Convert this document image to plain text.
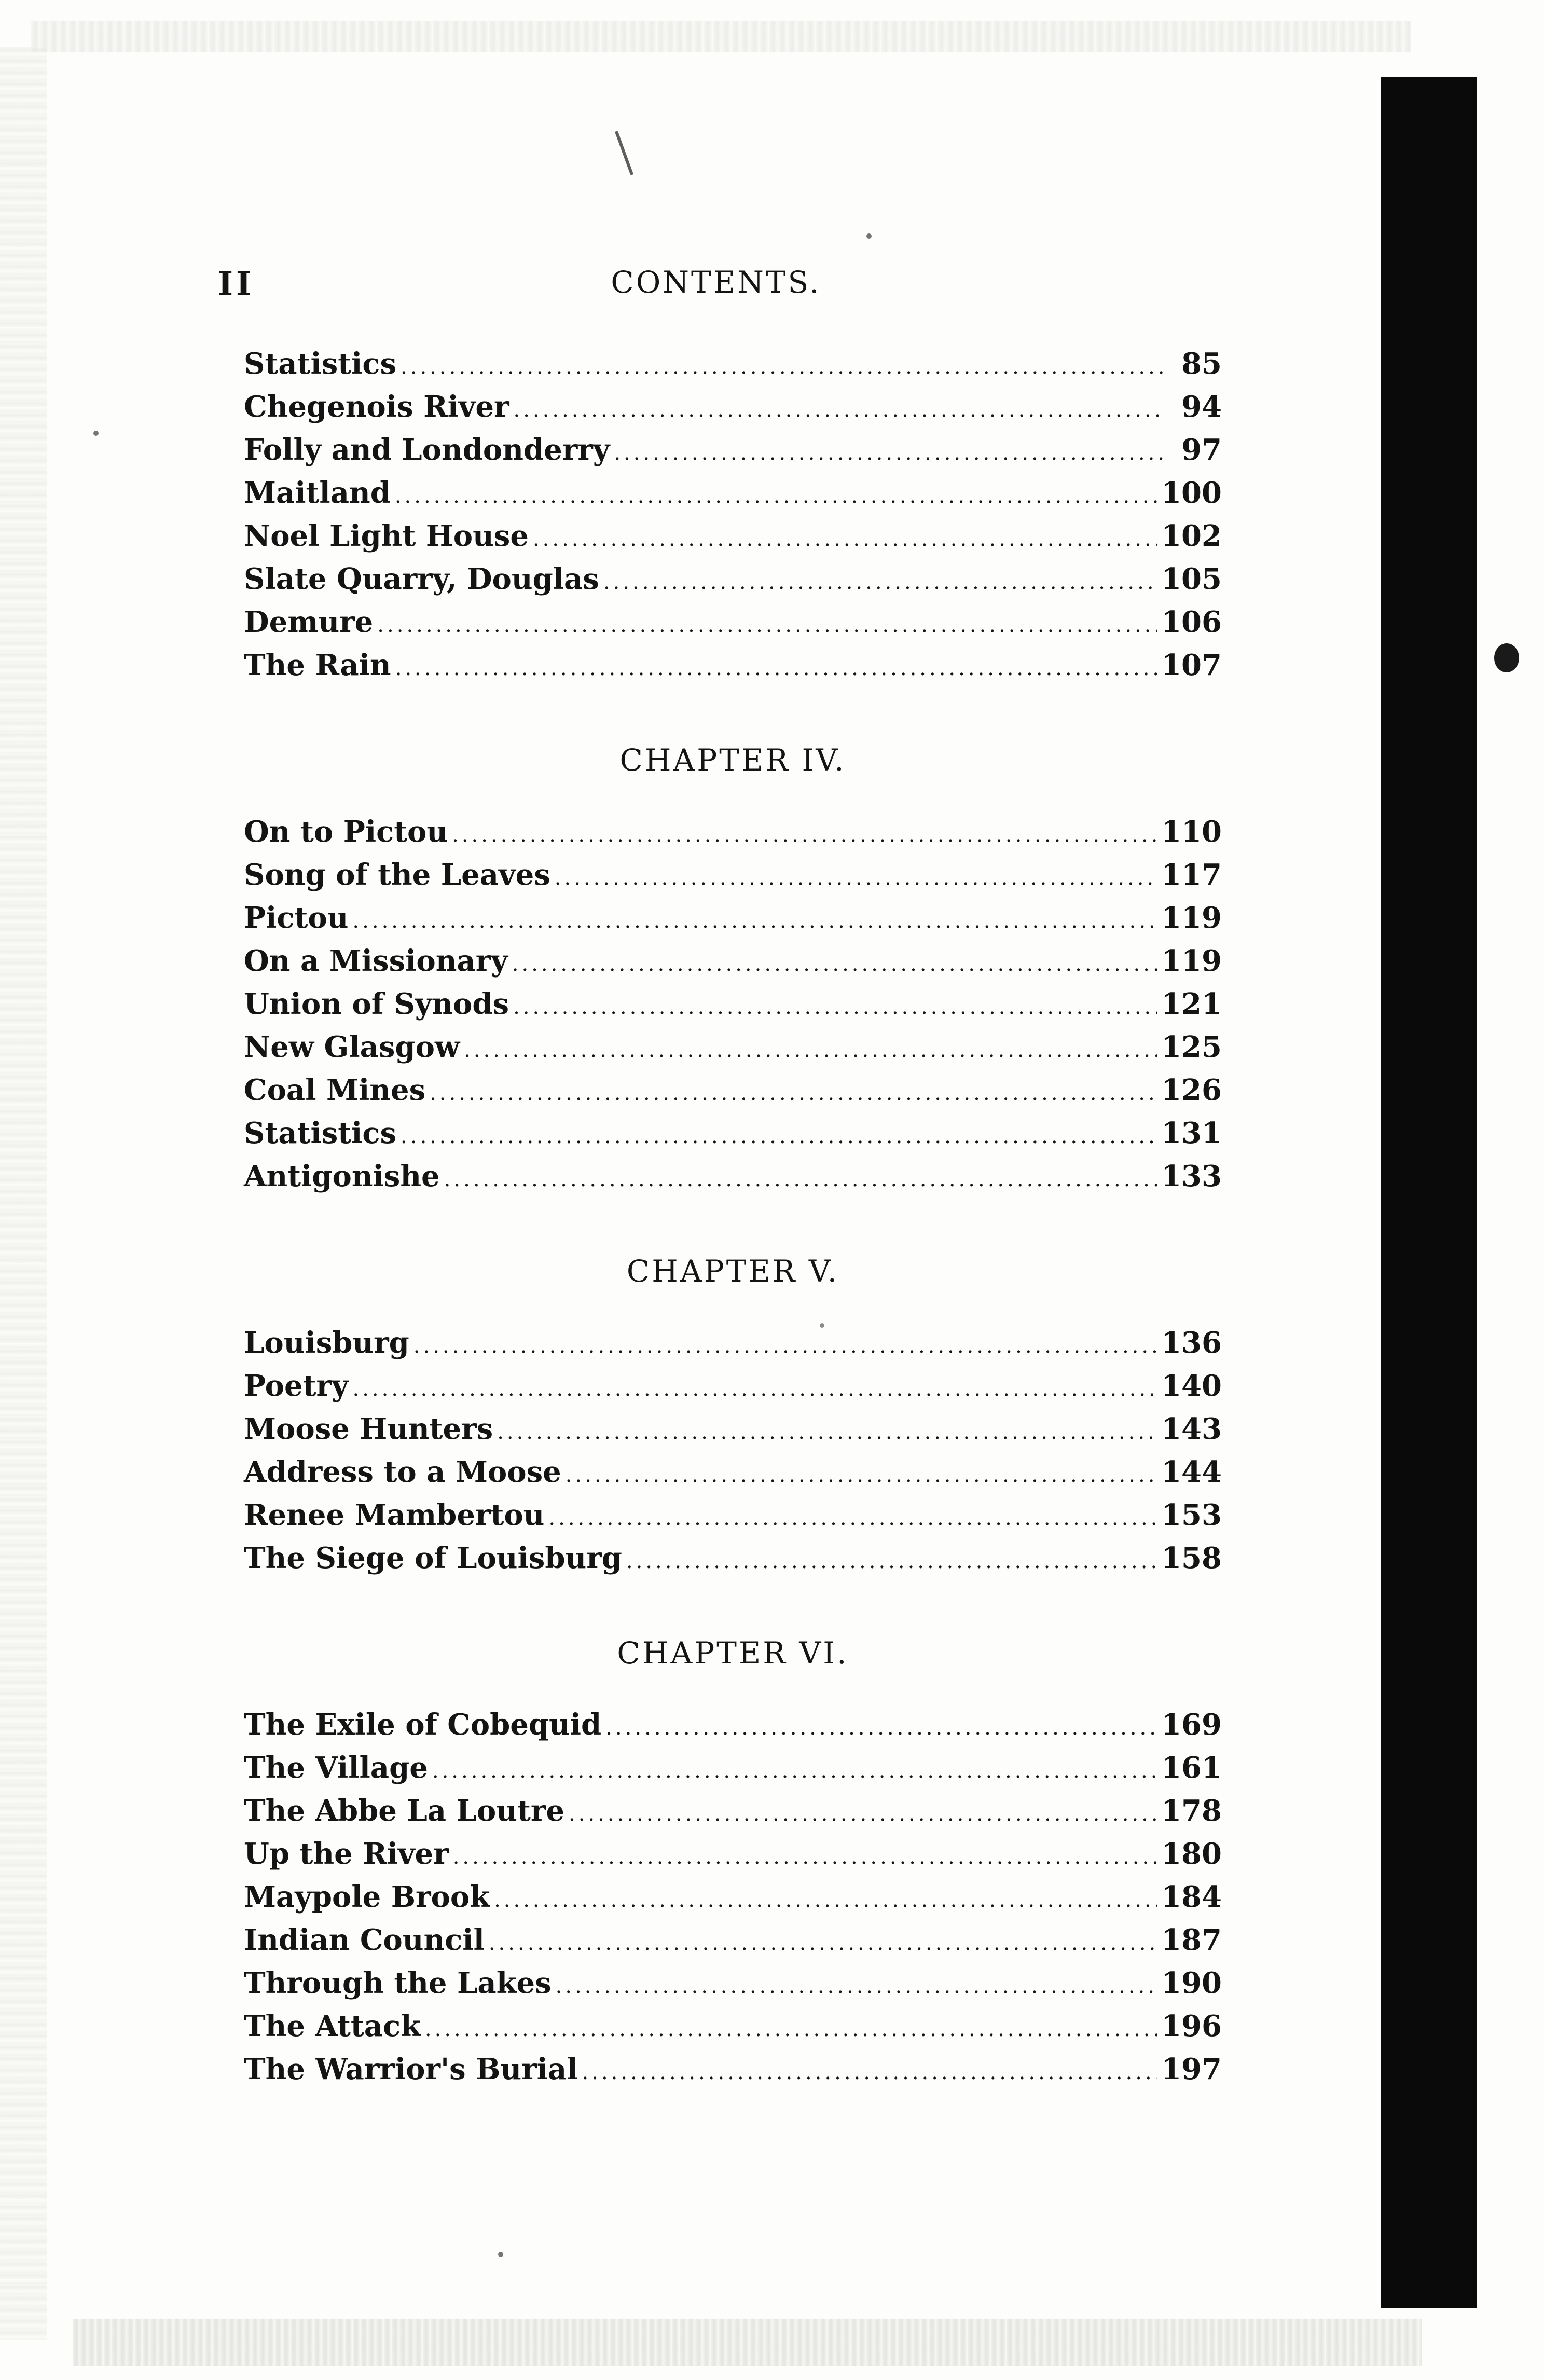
II	CONTENTS.
Statistics .....	85
Chegenois River .....	94
Folly and Londonderry .....	97
Maitland .....	100
Noel Light House .....	102
Slate Quarry, Douglas .....	105
Demure .....	106
The Rain .....	107
CHAPTER IV.
On to Pictou .....	110
Song of the Leaves .....	117
Pictou .....	119
On a Missionary .....	119
Union of Synods .....	121
New Glasgow .....	125
Coal Mines .....	126
Statistics .....	131
Antigonishe .....	133
CHAPTER V.
Louisburg .....	136
Poetry .....	140
Moose Hunters .....	143
Address to a Moose .....	144
Renee Mambertou .....	153
The Siege of Louisburg .....	158
CHAPTER VI.
The Exile of Cobequid .....	169
The Village .....	161
The Abbe La Loutre .....	178
Up the River .....	180
Maypole Brook .....	184
Indian Council .....	187
Through the Lakes .....	190
The Attack .....	196
The Warrior's Burial .....	197
